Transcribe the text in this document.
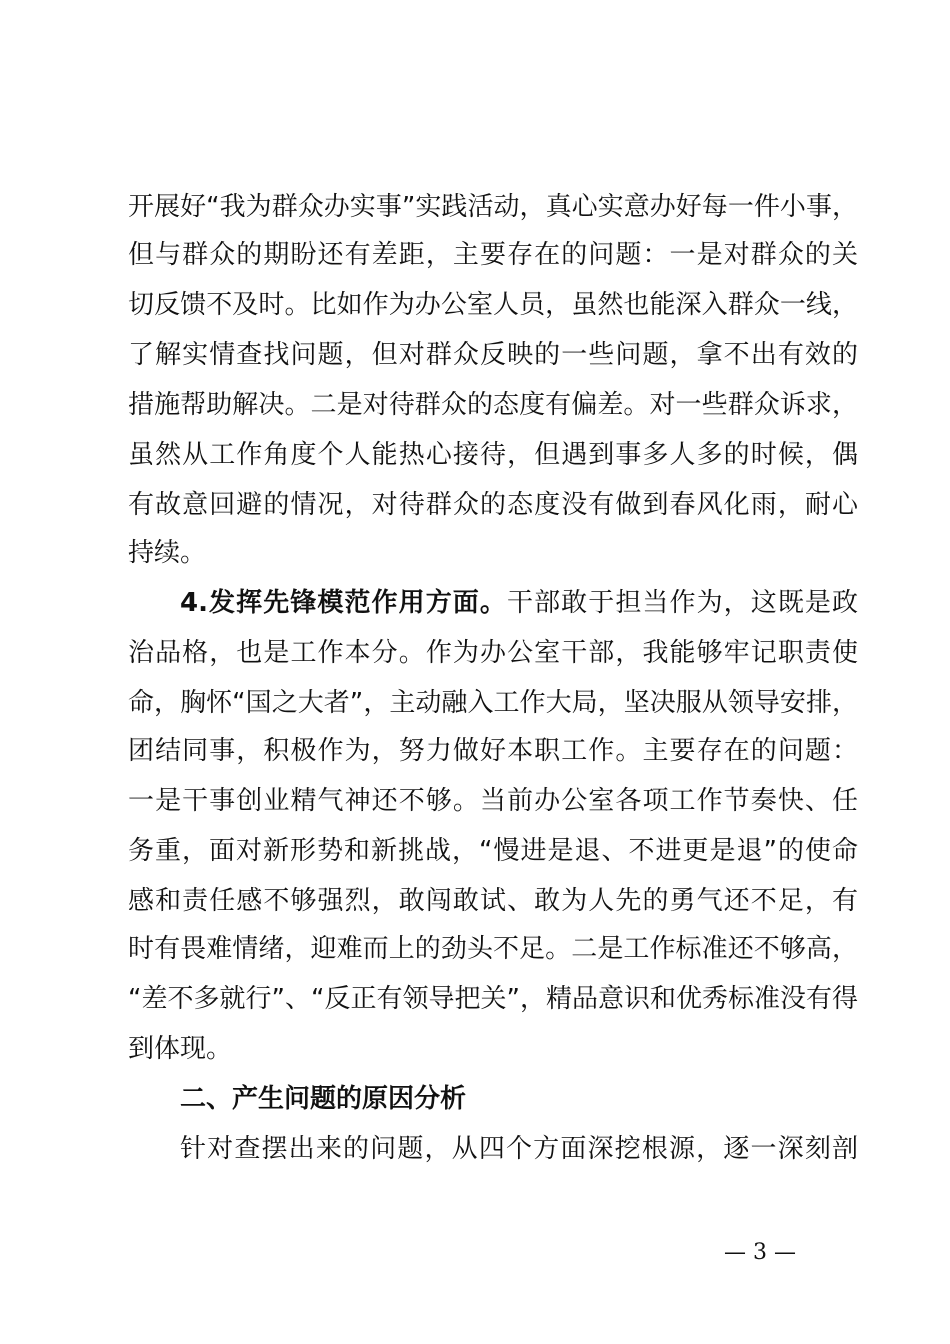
开展好“我为群众办实事”实践活动，真心实意办好每一件小事，
但与群众的期盼还有差距，主要存在的问题：一是对群众的关
切反馈不及时。比如作为办公室人员，虽然也能深入群众一线，
了解实情查找问题，但对群众反映的一些问题，拿不出有效的
措施帮助解决。二是对待群众的态度有偏差。对一些群众诉求，
虽然从工作角度个人能热心接待，但遇到事多人多的时候，偶
有故意回避的情况，对待群众的态度没有做到春风化雨，耐心
持续。
4.发挥先锋模范作用方面。干部敢于担当作为，这既是政
治品格，也是工作本分。作为办公室干部，我能够牢记职责使
命，胸怀“国之大者”，主动融入工作大局，坚决服从领导安排，
团结同事，积极作为，努力做好本职工作。主要存在的问题：
一是干事创业精气神还不够。当前办公室各项工作节奏快、任
务重，面对新形势和新挑战，“慢进是退、不进更是退”的使命
感和责任感不够强烈，敢闯敢试、敢为人先的勇气还不足，有
时有畏难情绪，迎难而上的劲头不足。二是工作标准还不够高，
“差不多就行”、“反正有领导把关”，精品意识和优秀标准没有得
到体现。
二、产生问题的原因分析
针对查摆出来的问题，从四个方面深挖根源，逐一深刻剖
— 3 —
